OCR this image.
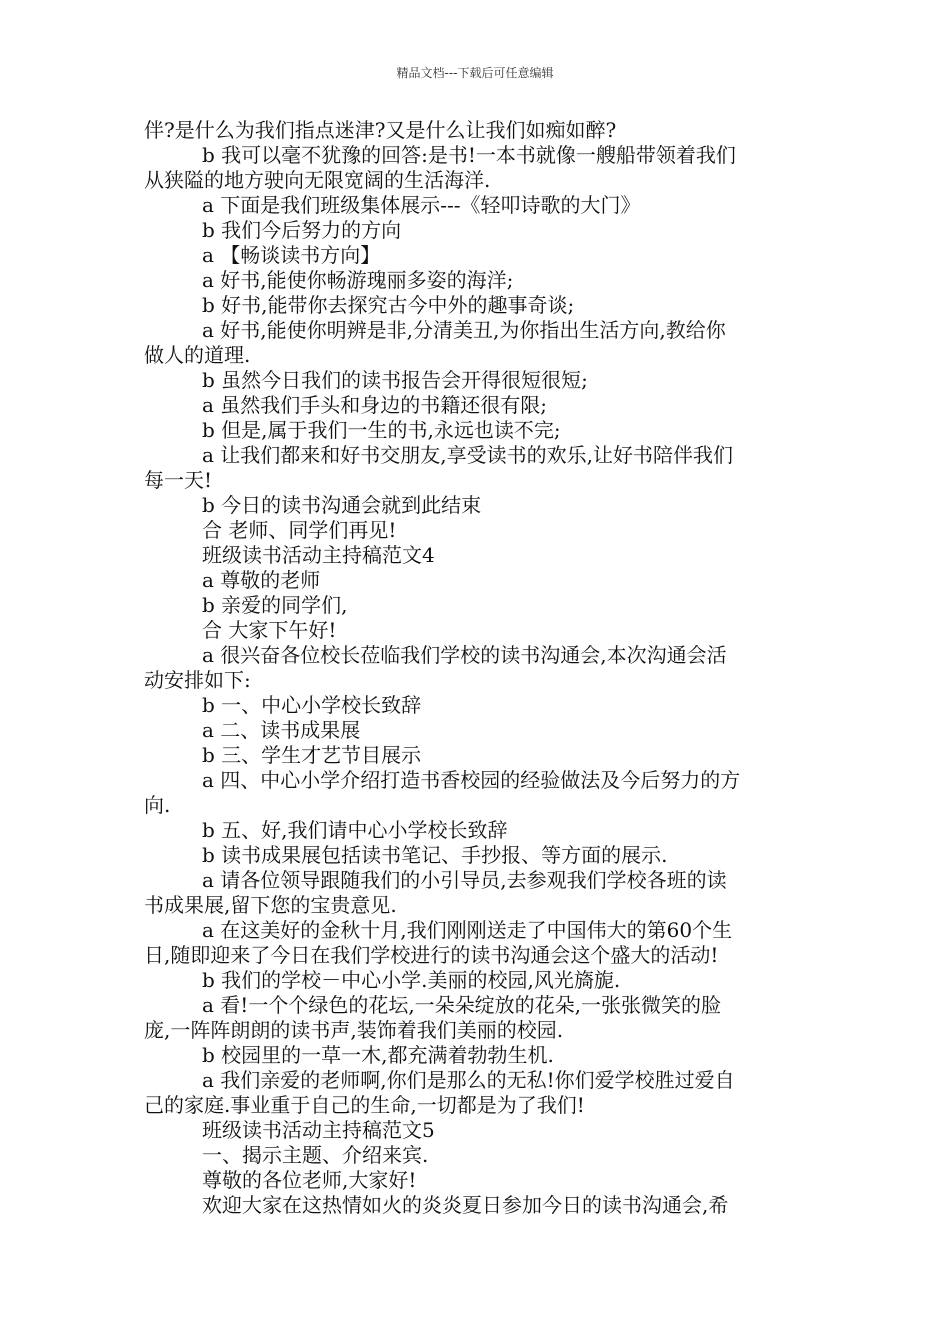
精品文档---下载后可任意编辑

伴?是什么为我们指点迷津?又是什么让我们如痴如醉?

b 我可以毫不犹豫的回答:是书!一本书就像一艘船带领着我们

从狭隘的地方驶向无限宽阔的生活海洋.

a 下面是我们班级集体展示---《轻叩诗歌的大门》

b 我们今后努力的方向

a 【畅谈读书方向】

a 好书,能使你畅游瑰丽多姿的海洋;

b 好书,能带你去探究古今中外的趣事奇谈;

a 好书,能使你明辨是非,分清美丑,为你指出生活方向,教给你

做人的道理.

b 虽然今日我们的读书报告会开得很短很短;

a 虽然我们手头和身边的书籍还很有限;

b 但是,属于我们一生的书,永远也读不完;

a 让我们都来和好书交朋友,享受读书的欢乐,让好书陪伴我们

每一天!

b 今日的读书沟通会就到此结束

合 老师、同学们再见!

班级读书活动主持稿范文4

a 尊敬的老师

b 亲爱的同学们,

合 大家下午好!

a 很兴奋各位校长莅临我们学校的读书沟通会,本次沟通会活

动安排如下:

b 一、中心小学校长致辞

a 二、读书成果展

b 三、学生才艺节目展示

a 四、中心小学介绍打造书香校园的经验做法及今后努力的方

向.

b 五、好,我们请中心小学校长致辞

b 读书成果展包括读书笔记、手抄报、等方面的展示.

a 请各位领导跟随我们的小引导员,去参观我们学校各班的读

书成果展,留下您的宝贵意见.

a 在这美好的金秋十月,我们刚刚送走了中国伟大的第60个生

日,随即迎来了今日在我们学校进行的读书沟通会这个盛大的活动!

b 我们的学校－中心小学.美丽的校园,风光旖旎.

a 看!一个个绿色的花坛,一朵朵绽放的花朵,一张张微笑的脸

庞,一阵阵朗朗的读书声,装饰着我们美丽的校园.

b 校园里的一草一木,都充满着勃勃生机.

a 我们亲爱的老师啊,你们是那么的无私!你们爱学校胜过爱自

己的家庭.事业重于自己的生命,一切都是为了我们!

班级读书活动主持稿范文5

一、揭示主题、介绍来宾.

尊敬的各位老师,大家好!

欢迎大家在这热情如火的炎炎夏日参加今日的读书沟通会,希
